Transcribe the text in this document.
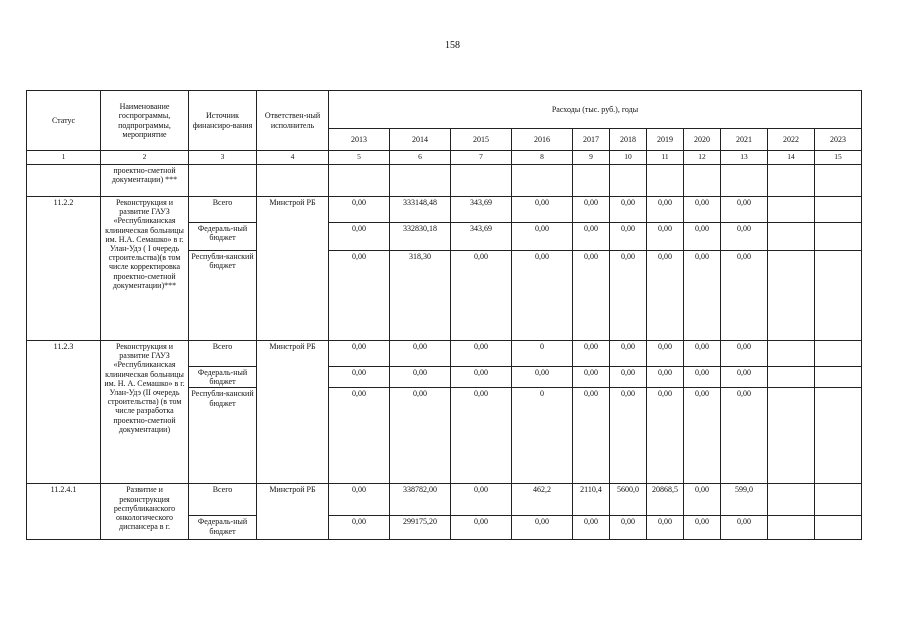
158
Статус	Наименование госпрограммы, подпрограммы, мероприятие	Источник финансиро-вания	Ответствен-ный исполнитель	Расходы (тыс. руб.), годы										
				2013	2014	2015	2016	2017	2018	2019	2020	2021	2022	2023
1	2	3	4	5	6	7	8	9	10	11	12	13	14	15
	проектно-сметной документации) ***													
11.2.2	Реконструкция и развитие ГАУЗ «Республиканская клиническая больницы им. Н.А. Семашко» в г. Улан-Удэ ( I очередь строительства)(в том числе корректировка проектно-сметной документации)***	Всего	Минстрой РБ	0,00	333148,48	343,69	0,00	0,00	0,00	0,00	0,00	0,00		
		Федераль-ный бюджет		0,00	332830,18	343,69	0,00	0,00	0,00	0,00	0,00	0,00		
		Республи-канский бюджет		0,00	318,30	0,00	0,00	0,00	0,00	0,00	0,00	0,00		
11.2.3	Реконструкция и развитие ГАУЗ «Республиканская клиническая больницы им. Н. А. Семашко» в г. Улан-Удэ (II очередь строительства) (в том числе разработка проектно-сметной документации)	Всего	Минстрой РБ	0,00	0,00	0,00	0	0,00	0,00	0,00	0,00	0,00		
		Федераль-ный бюджет		0,00	0,00	0,00	0,00	0,00	0,00	0,00	0,00	0,00		
		Республи-канский бюджет		0,00	0,00	0,00	0	0,00	0,00	0,00	0,00	0,00		
11.2.4.1	Развитие и реконструкция республиканского онкологического диспансера в г.	Всего	Минстрой РБ	0,00	338782,00	0,00	462,2	2110,4	5600,0	20868,5	0,00	599,0		
		Федераль-ный бюджет		0,00	299175,20	0,00	0,00	0,00	0,00	0,00	0,00	0,00		
